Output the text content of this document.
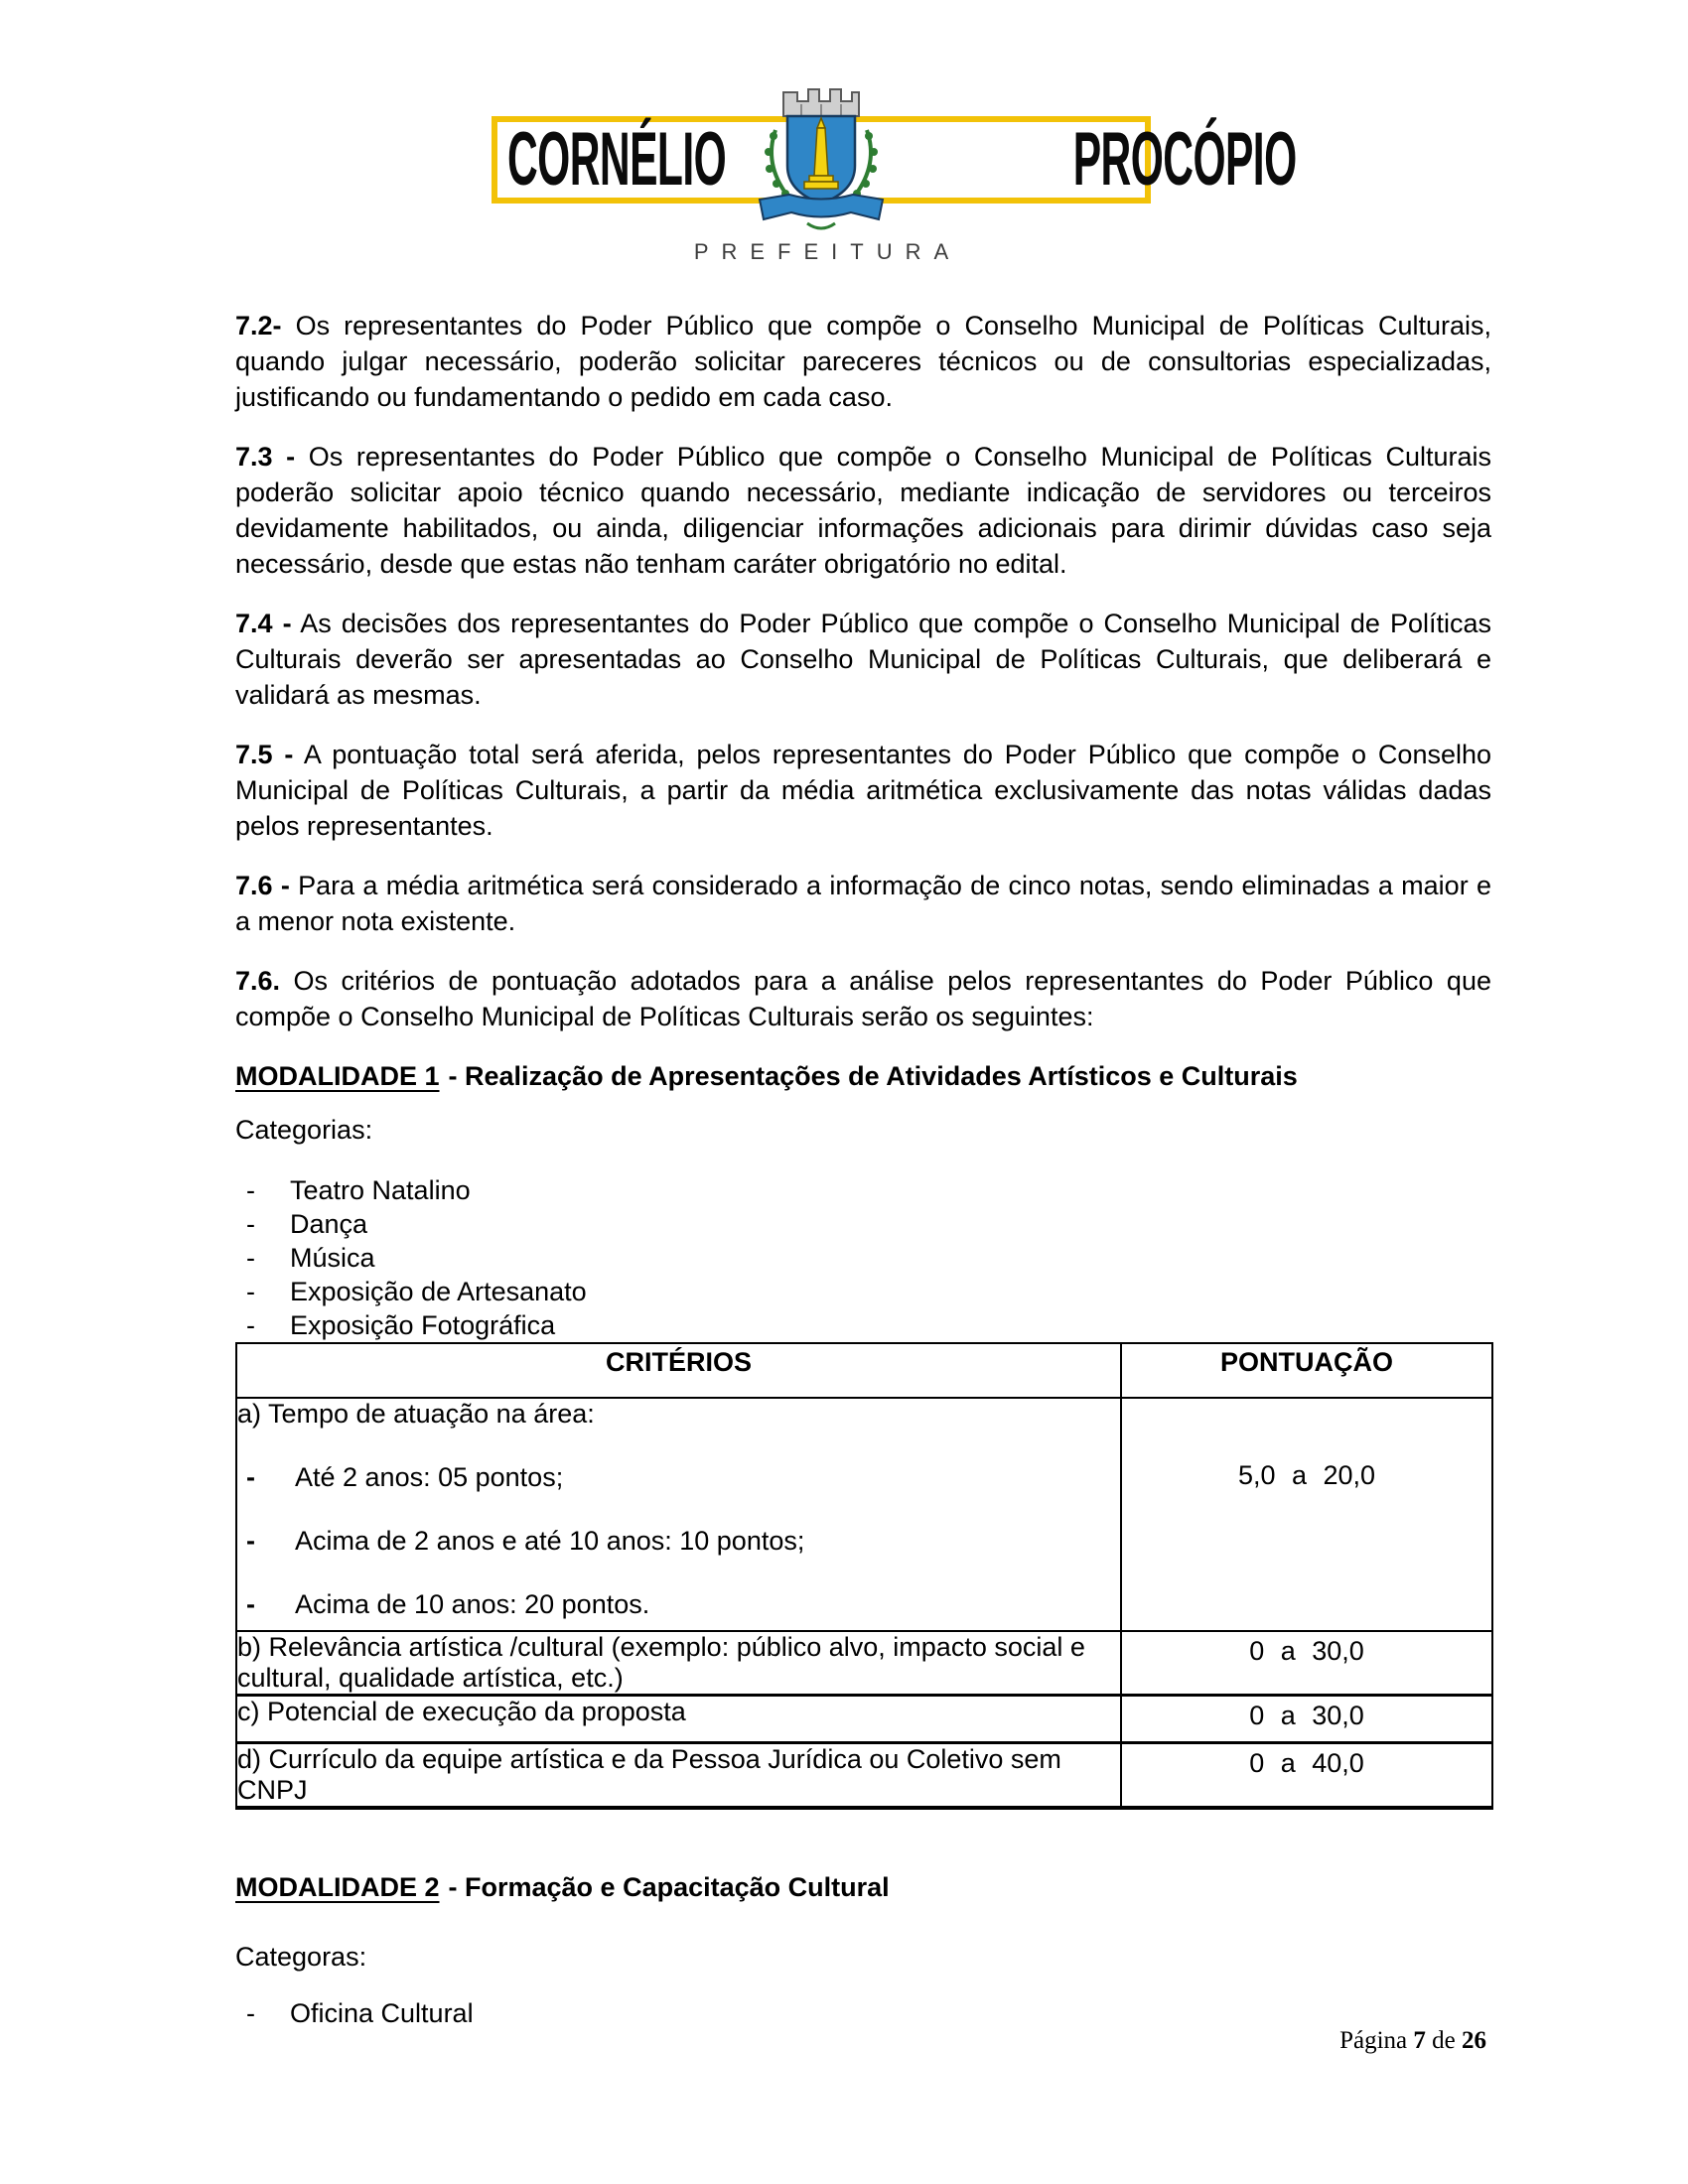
CORNÉLIO	PROCÓPIO
PREFEITURA

7.2- Os representantes do Poder Público que compõe o Conselho Municipal de Políticas Culturais, quando julgar necessário, poderão solicitar pareceres técnicos ou de consultorias especializadas, justificando ou fundamentando o pedido em cada caso.

7.3 - Os representantes do Poder Público que compõe o Conselho Municipal de Políticas Culturais poderão solicitar apoio técnico quando necessário, mediante indicação de servidores ou terceiros devidamente habilitados, ou ainda, diligenciar informações adicionais para dirimir dúvidas caso seja necessário, desde que estas não tenham caráter obrigatório no edital.

7.4 - As decisões dos representantes do Poder Público que compõe o Conselho Municipal de Políticas Culturais deverão ser apresentadas ao Conselho Municipal de Políticas Culturais, que deliberará e validará as mesmas.

7.5 - A pontuação total será aferida, pelos representantes do Poder Público que compõe o Conselho Municipal de Políticas Culturais, a partir da média aritmética exclusivamente das notas válidas dadas pelos representantes.

7.6 - Para a média aritmética será considerado a informação de cinco notas, sendo eliminadas a maior e a menor nota existente.

7.6. Os critérios de pontuação adotados para a análise pelos representantes do Poder Público que compõe o Conselho Municipal de Políticas Culturais serão os seguintes:

MODALIDADE 1 - Realização de Apresentações de Atividades Artísticos e Culturais

Categorias:

-	Teatro Natalino
-	Dança
-	Música
-	Exposição de Artesanato
-	Exposição Fotográfica
CRITÉRIOS	PONTUAÇÃO

a) Tempo de atuação na área:

-	Até 2 anos: 05 pontos;
-	Acima de 2 anos e até 10 anos: 10 pontos;
-	Acima de 10 anos: 20 pontos.
	5,0 a 20,0
b) Relevância artística /cultural (exemplo: público alvo, impacto social e cultural, qualidade artística, etc.)	0 a 30,0
c) Potencial de execução da proposta	0 a 30,0
d) Currículo da equipe artística e da Pessoa Jurídica ou Coletivo sem CNPJ	0 a 40,0

MODALIDADE 2 - Formação e Capacitação Cultural

Categoras:

-	Oficina Cultural
Página 7 de 26
